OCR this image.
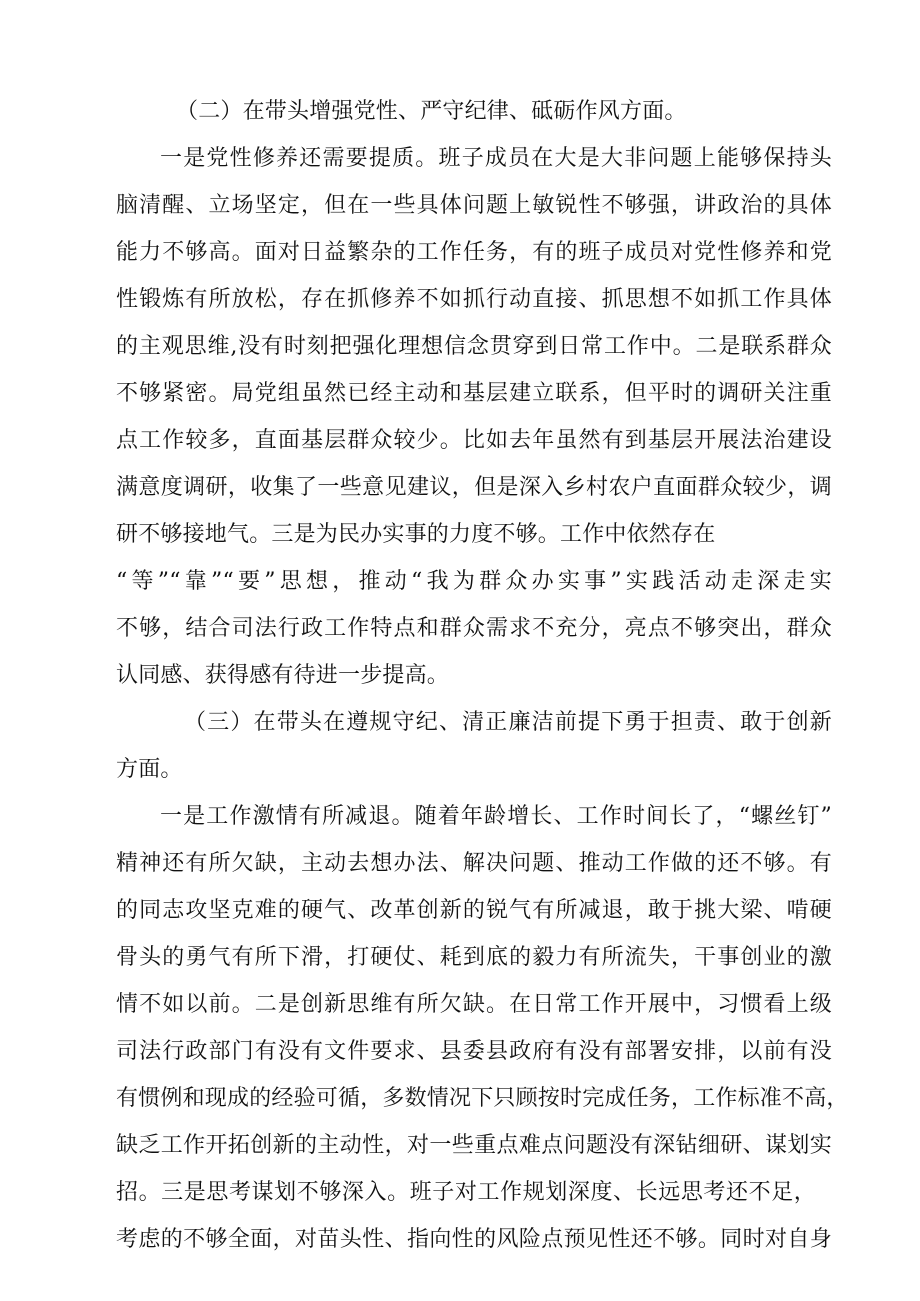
（二）在带头增强党性、严守纪律、砥砺作风方面。
一是党性修养还需要提质。班子成员在大是大非问题上能够保持头
脑清醒、立场坚定，但在一些具体问题上敏锐性不够强，讲政治的具体
能力不够高。面对日益繁杂的工作任务，有的班子成员对党性修养和党
性锻炼有所放松，存在抓修养不如抓行动直接、抓思想不如抓工作具体
的主观思维,没有时刻把强化理想信念贯穿到日常工作中。二是联系群众
不够紧密。局党组虽然已经主动和基层建立联系，但平时的调研关注重
点工作较多，直面基层群众较少。比如去年虽然有到基层开展法治建设
满意度调研，收集了一些意见建议，但是深入乡村农户直面群众较少，调
研不够接地气。三是为民办实事的力度不够。工作中依然存在
“等”“靠”“要”思想，推动“我为群众办实事”实践活动走深走实
不够，结合司法行政工作特点和群众需求不充分，亮点不够突出，群众
认同感、获得感有待进一步提高。
（三）在带头在遵规守纪、清正廉洁前提下勇于担责、敢于创新
方面。
一是工作激情有所减退。随着年龄增长、工作时间长了，“螺丝钉”
精神还有所欠缺，主动去想办法、解决问题、推动工作做的还不够。有
的同志攻坚克难的硬气、改革创新的锐气有所减退，敢于挑大梁、啃硬
骨头的勇气有所下滑，打硬仗、耗到底的毅力有所流失，干事创业的激
情不如以前。二是创新思维有所欠缺。在日常工作开展中，习惯看上级
司法行政部门有没有文件要求、县委县政府有没有部署安排，以前有没
有惯例和现成的经验可循，多数情况下只顾按时完成任务，工作标准不高，
缺乏工作开拓创新的主动性，对一些重点难点问题没有深钻细研、谋划实
招。三是思考谋划不够深入。班子对工作规划深度、长远思考还不足，
考虑的不够全面，对苗头性、指向性的风险点预见性还不够。同时对自身
